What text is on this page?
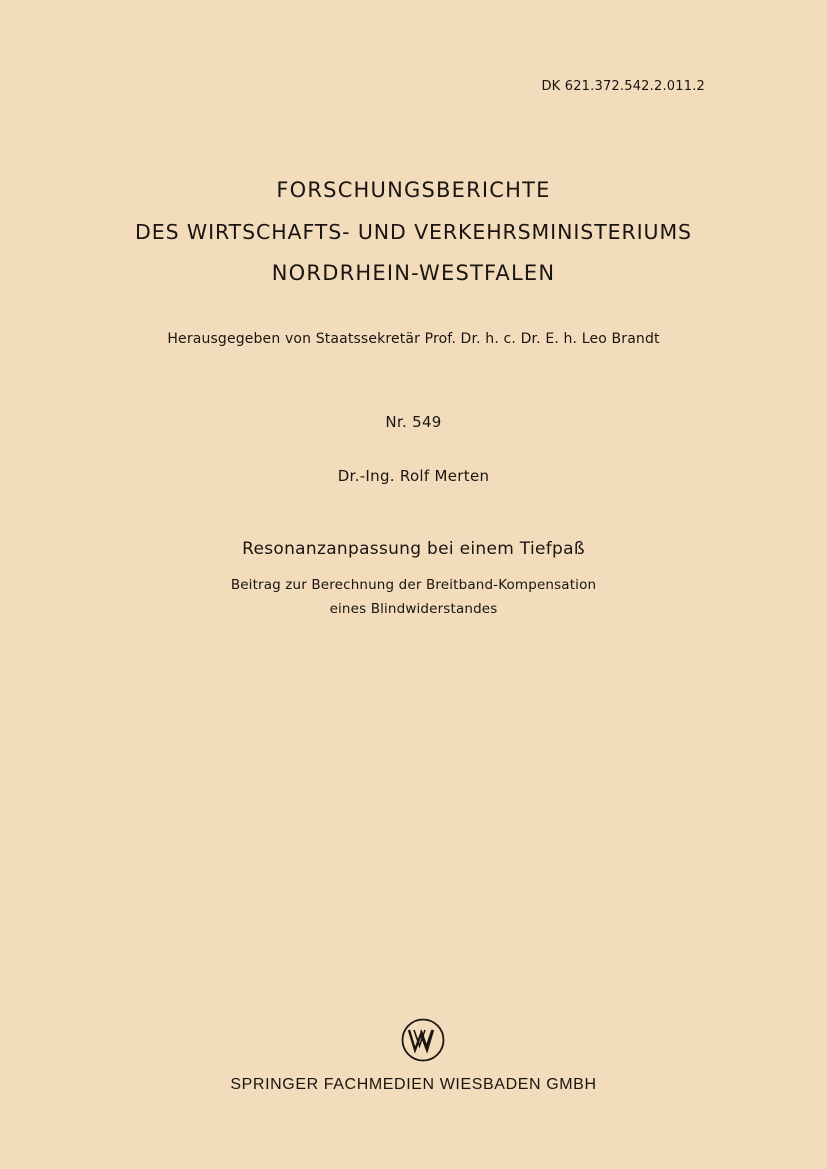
DK 621.372.542.2.011.2
FORSCHUNGSBERICHTE
DES WIRTSCHAFTS- UND VERKEHRSMINISTERIUMS
NORDRHEIN-WESTFALEN
Herausgegeben von Staatssekretär Prof. Dr. h. c. Dr. E. h. Leo Brandt
Nr. 549
Dr.-Ing. Rolf Merten
Resonanzanpassung bei einem Tiefpaß
Beitrag zur Berechnung der Breitband-Kompensation
eines Blindwiderstandes
W
SPRINGER FACHMEDIEN WIESBADEN GMBH
